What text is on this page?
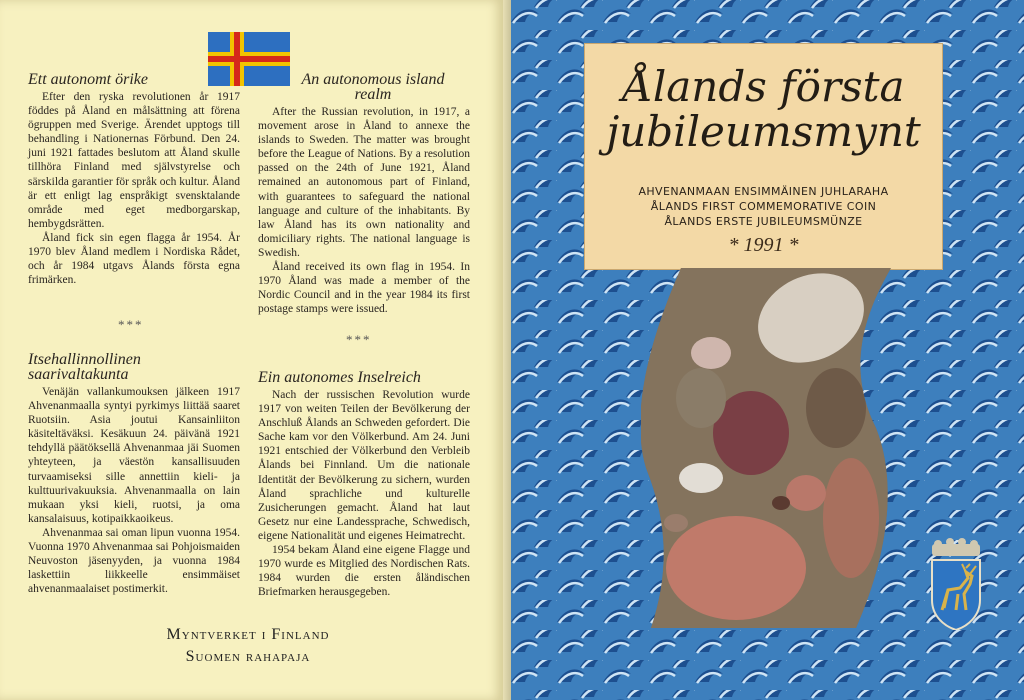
Ett autonomt örike

Efter den ryska revolutionen år 1917 föddes på Åland en målsättning att förena ögruppen med Sverige. Ärendet upptogs till behandling i Nationernas Förbund. Den 24. juni 1921 fattades beslutom att Åland skulle tillhöra Finland med självstyrelse och särskilda garantier för språk och kultur. Åland är ett enligt lag enspråkigt svensktalande område med eget medborgarskap, hembygdsrätten.

Åland fick sin egen flagga år 1954. År 1970 blev Åland medlem i Nordiska Rådet, och år 1984 utgavs Ålands första egna frimärken.

An autonomous island realm

After the Russian revolution, in 1917, a movement arose in Åland to annexe the islands to Sweden. The matter was brought before the League of Nations. By a resolution passed on the 24th of June 1921, Åland remained an autonomous part of Finland, with guarantees to safeguard the national language and culture of the inhabitants. By law Åland has its own nationality and domiciliary rights. The national language is Swedish.

Åland received its own flag in 1954. In 1970 Åland was made a member of the Nordic Council and in the year 1984 its first postage stamps were issued.

***
***
Itsehallinnollinen saarivaltakunta

Venäjän vallankumouksen jälkeen 1917 Ahvenanmaalla syntyi pyrkimys liittää saaret Ruotsiin. Asia joutui Kansainliiton käsiteltäväksi. Kesäkuun 24. päivänä 1921 tehdyllä päätöksellä Ahvenanmaa jäi Suomen yhteyteen, ja väestön kansallisuuden turvaamiseksi sille annettiin kieli- ja kulttuurivakuuksia. Ahvenanmaalla on lain mukaan yksi kieli, ruotsi, ja oma kansalaisuus, kotipaikkaoikeus.

Ahvenanmaa sai oman lipun vuonna 1954. Vuonna 1970 Ahvenanmaa sai Pohjoismaiden Neuvoston jäsenyyden, ja vuonna 1984 laskettiin liikkeelle ensimmäiset ahvenanmaalaiset postimerkit.

Ein autonomes Inselreich

Nach der russischen Revolution wurde 1917 von weiten Teilen der Bevölkerung der Anschluß Ålands an Schweden gefordert. Die Sache kam vor den Völkerbund. Am 24. Juni 1921 entschied der Völkerbund den Verbleib Ålands bei Finnland. Um die nationale Identität der Bevölkerung zu sichern, wurden Åland sprachliche und kulturelle Zusicherungen gemacht. Åland hat laut Gesetz nur eine Landessprache, Schwedisch, eigene Nationalität und eigenes Heimatrecht.

1954 bekam Åland eine eigene Flagge und 1970 wurde es Mitglied des Nordischen Rats. 1984 wurden die ersten åländischen Briefmarken herausgegeben.

Myntverket i Finland
Suomen rahapaja
Ålands första
jubileumsmynt
AHVENANMAAN ENSIMMÄINEN JUHLARAHA
ÅLANDS FIRST COMMEMORATIVE COIN
ÅLANDS ERSTE JUBILEUMSMÜNZE
* 1991 *
